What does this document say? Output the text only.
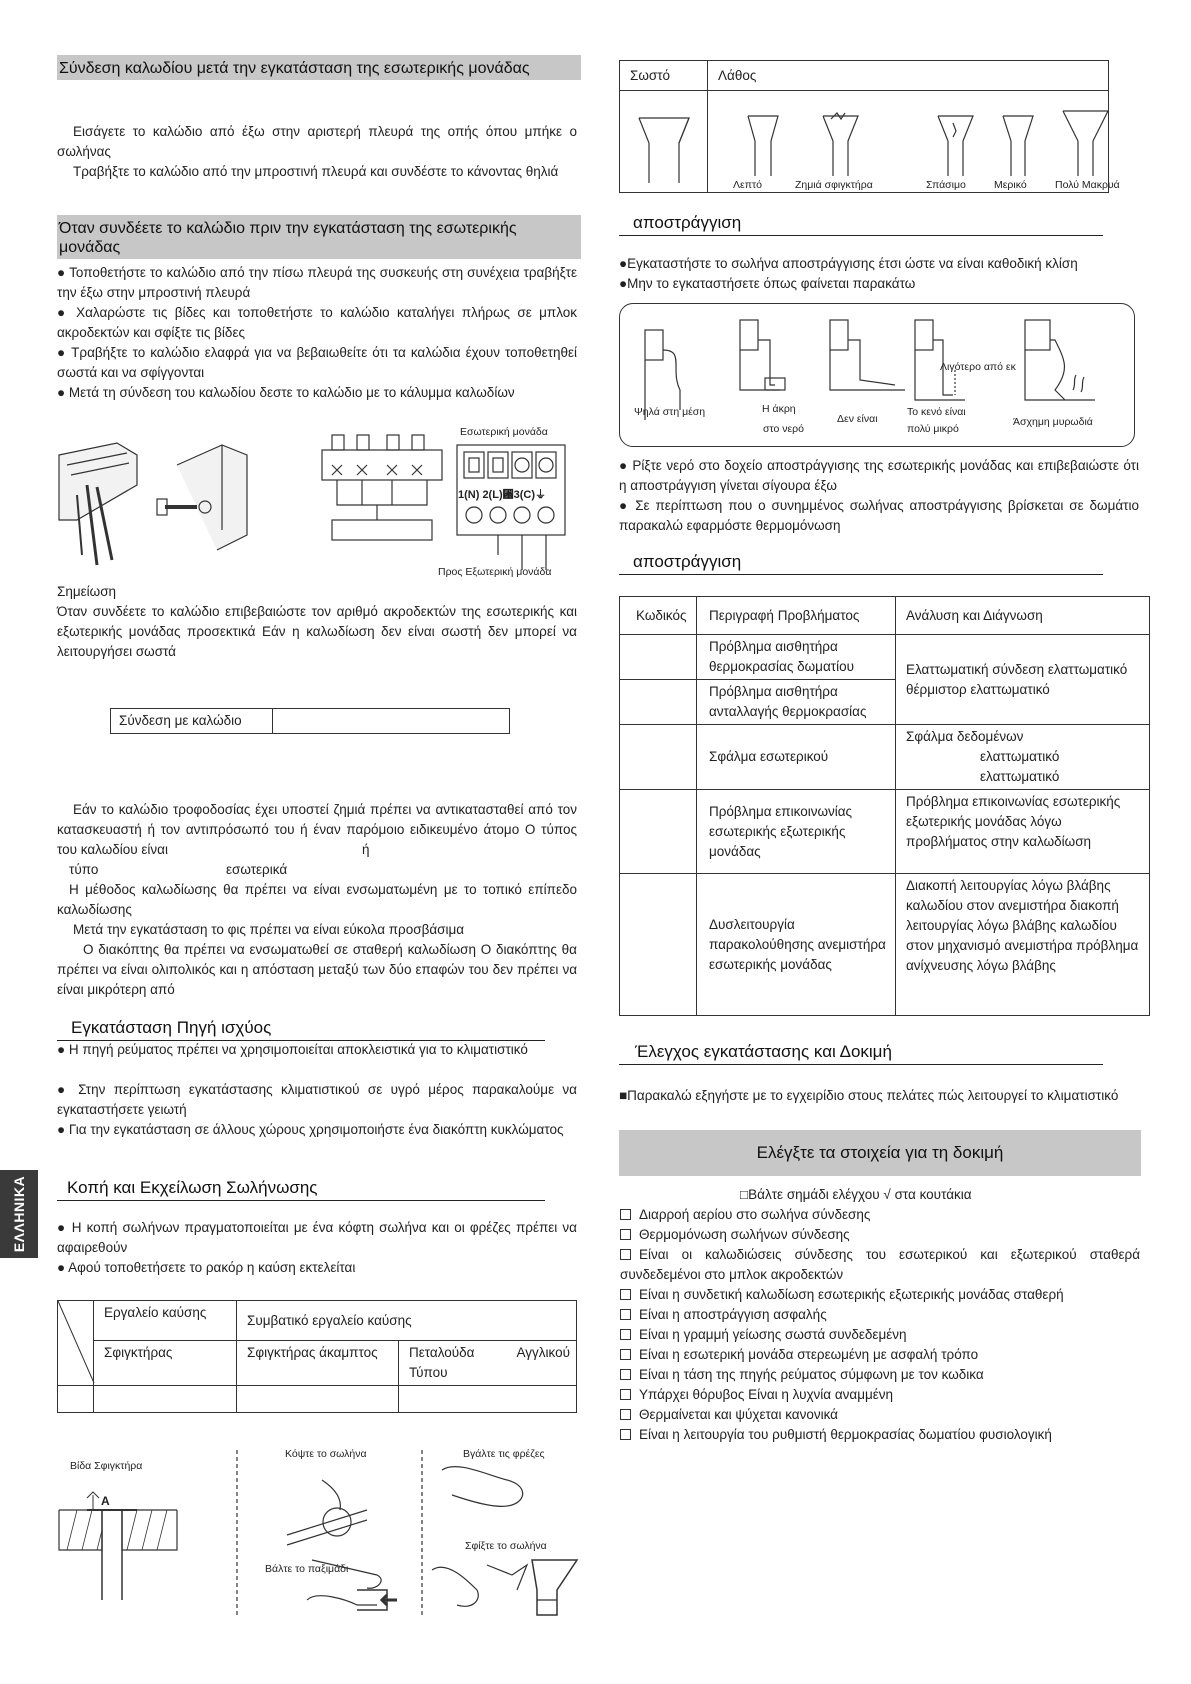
Σύνδεση καλωδίου μετά την εγκατάσταση της εσωτερικής μονάδας
Εισάγετε το καλώδιο από έξω στην αριστερή πλευρά της οπής όπου μπήκε ο σωλήνας
Τραβήξτε το καλώδιο από την μπροστινή πλευρά και συνδέστε το κάνοντας θηλιά
Όταν συνδέετε το καλώδιο πριν την εγκατάσταση της εσωτερικής μονάδας
● Τοποθετήστε το καλώδιο από την πίσω πλευρά της συσκευής στη συνέχεια τραβήξτε την έξω στην μπροστινή πλευρά
● Χαλαρώστε τις βίδες και τοποθετήστε το καλώδιο καταλήγει πλήρως σε μπλοκ ακροδεκτών και σφίξτε τις βίδες
● Τραβήξτε το καλώδιο ελαφρά για να βεβαιωθείτε ότι τα καλώδια έχουν τοποθετηθεί σωστά και να σφίγγονται
● Μετά τη σύνδεση του καλωδίου δεστε το καλώδιο με το κάλυμμα καλωδίων
Εσωτερική μονάδα
1(N) 2(L)␸3(C)⏚
Προς Εξωτερική μονάδα
Σημείωση
Όταν συνδέετε το καλώδιο επιβεβαιώστε τον αριθμό ακροδεκτών της εσωτερικής και εξωτερικής μονάδας προσεκτικά Εάν η καλωδίωση δεν είναι σωστή δεν μπορεί να λειτουργήσει σωστά
Σύνδεση με καλώδιο	
Εάν το καλώδιο τροφοδοσίας έχει υποστεί ζημιά πρέπει να αντικατασταθεί από τον κατασκευαστή ή τον αντιπρόσωπό του ή έναν παρόμοιο ειδικευμένο άτομο Ο τύπος του καλωδίου είναι	ή
τύπο	εσωτερικά
Η μέθοδος καλωδίωσης θα πρέπει να είναι ενσωματωμένη με το τοπικό επίπεδο καλωδίωσης
Μετά την εγκατάσταση το φις πρέπει να είναι εύκολα προσβάσιμα
Ο διακόπτης θα πρέπει να ενσωματωθεί σε σταθερή καλωδίωση Ο διακόπτης θα πρέπει να είναι ολιπολικός και η απόσταση μεταξύ των δύο επαφών του δεν πρέπει να είναι μικρότερη από
Εγκατάσταση Πηγή ισχύος
● Η πηγή ρεύματος πρέπει να χρησιμοποιείται αποκλειστικά για το κλιματιστικό
● Στην περίπτωση εγκατάστασης κλιματιστικού σε υγρό μέρος παρακαλούμε να εγκαταστήσετε γειωτή
● Για την εγκατάσταση σε άλλους χώρους χρησιμοποιήστε ένα διακόπτη κυκλώματος
Κοπή και Εκχείλωση Σωλήνωσης
● Η κοπή σωλήνων πραγματοποιείται με ένα κόφτη σωλήνα και οι φρέζες πρέπει να αφαιρεθούν
● Αφού τοποθετήσετε το ρακόρ η καύση εκτελείται
	Εργαλείο καύσης	Συμβατικό εργαλείο καύσης	
	Σφιγκτήρας	Σφιγκτήρας άκαμπτος	Πεταλούδα Αγγλικού Τύπου

Βίδα Σφιγκτήρα
A
Κόψτε το σωλήνα
Βάλτε το παξιμάδι
Βγάλτε τις φρέζες
Σφίξτε το σωλήνα
ΕΛΛΗΝΙΚΑ
Σωστό	Λάθος

Λεπτό	Ζημιά σφιγκτήρα	Σπάσιμο	Μερικό	Πολύ Μακρυά
αποστράγγιση
●Εγκαταστήστε το σωλήνα αποστράγγισης έτσι ώστε να είναι καθοδική κλίση
●Μην το εγκαταστήσετε όπως φαίνεται παρακάτω
Ψηλά στη μέση	Η άκρη
στο νερό
Δεν είναι
Το κενό είναι
πολύ μικρό
Λιγότερο από εκ
Άσχημη μυρωδιά
● Ρίξτε νερό στο δοχείο αποστράγγισης της εσωτερικής μονάδας και επιβεβαιώστε ότι η αποστράγγιση γίνεται σίγουρα έξω
● Σε περίπτωση που ο συνημμένος σωλήνας αποστράγγισης βρίσκεται σε δωμάτιο παρακαλώ εφαρμόστε θερμομόνωση
αποστράγγιση
Κωδικός	Περιγραφή Προβλήματος	Ανάλυση και Διάγνωση
	Πρόβλημα αισθητήρα θερμοκρασίας δωματίου	Ελαττωματική σύνδεση ελαττωματικό θέρμιστορ ελαττωματικό
	Πρόβλημα αισθητήρα ανταλλαγής θερμοκρασίας	
	Σφάλμα εσωτερικού	Σφάλμα δεδομένων
ελαττωματικό
ελαττωματικό

	Πρόβλημα επικοινωνίας εσωτερικής εξωτερικής μονάδας	Πρόβλημα επικοινωνίας εσωτερικής εξωτερικής μονάδας λόγω προβλήματος στην καλωδίωση
	Δυσλειτουργία παρακολούθησης ανεμιστήρα εσωτερικής μονάδας	Διακοπή λειτουργίας λόγω βλάβης καλωδίου στον ανεμιστήρα διακοπή λειτουργίας λόγω βλάβης καλωδίου στον μηχανισμό ανεμιστήρα πρόβλημα ανίχνευσης λόγω βλάβης
Έλεγχος εγκατάστασης και Δοκιμή
■Παρακαλώ εξηγήστε με το εγχειρίδιο στους πελάτες πώς λειτουργεί το κλιματιστικό
Ελέγξτε τα στοιχεία για τη δοκιμή
□Βάλτε σημάδι ελέγχου √ στα κουτάκια
Διαρροή αερίου στο σωλήνα σύνδεσης
Θερμομόνωση σωλήνων σύνδεσης
Είναι οι καλωδιώσεις σύνδεσης του εσωτερικού και εξωτερικού σταθερά συνδεδεμένοι στο μπλοκ ακροδεκτών
Είναι η συνδετική καλωδίωση εσωτερικής εξωτερικής μονάδας σταθερή
Είναι η αποστράγγιση ασφαλής
Είναι η γραμμή γείωσης σωστά συνδεδεμένη
Είναι η εσωτερική μονάδα στερεωμένη με ασφαλή τρόπο
Είναι η τάση της πηγής ρεύματος σύμφωνη με τον κωδικα
Υπάρχει θόρυβος Είναι η λυχνία αναμμένη
Θερμαίνεται και ψύχεται κανονικά
Είναι η λειτουργία του ρυθμιστή θερμοκρασίας δωματίου φυσιολογική
